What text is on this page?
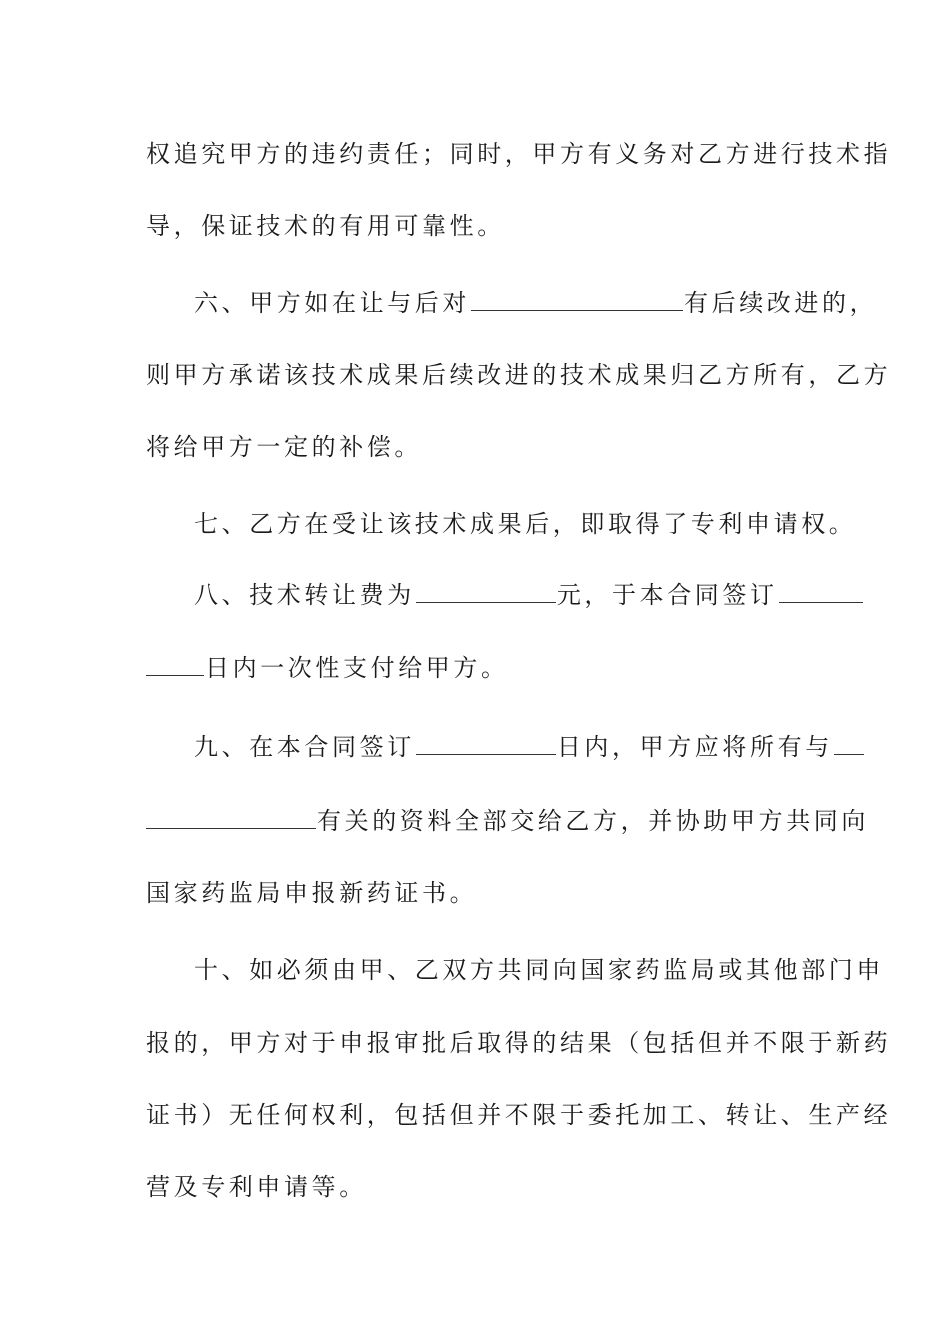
权追究甲方的违约责任；同时，甲方有义务对乙方进行技术指
导，保证技术的有用可靠性。
六、甲方如在让与后对	有后续改进的，
则甲方承诺该技术成果后续改进的技术成果归乙方所有，乙方
将给甲方一定的补偿。
七、乙方在受让该技术成果后，即取得了专利申请权。
八、技术转让费为	元，于本合同签订
日内一次性支付给甲方。
九、在本合同签订	日内，甲方应将所有与
有关的资料全部交给乙方，并协助甲方共同向
国家药监局申报新药证书。
十、如必须由甲、乙双方共同向国家药监局或其他部门申
报的，甲方对于申报审批后取得的结果（包括但并不限于新药
证书）无任何权利，包括但并不限于委托加工、转让、生产经
营及专利申请等。
